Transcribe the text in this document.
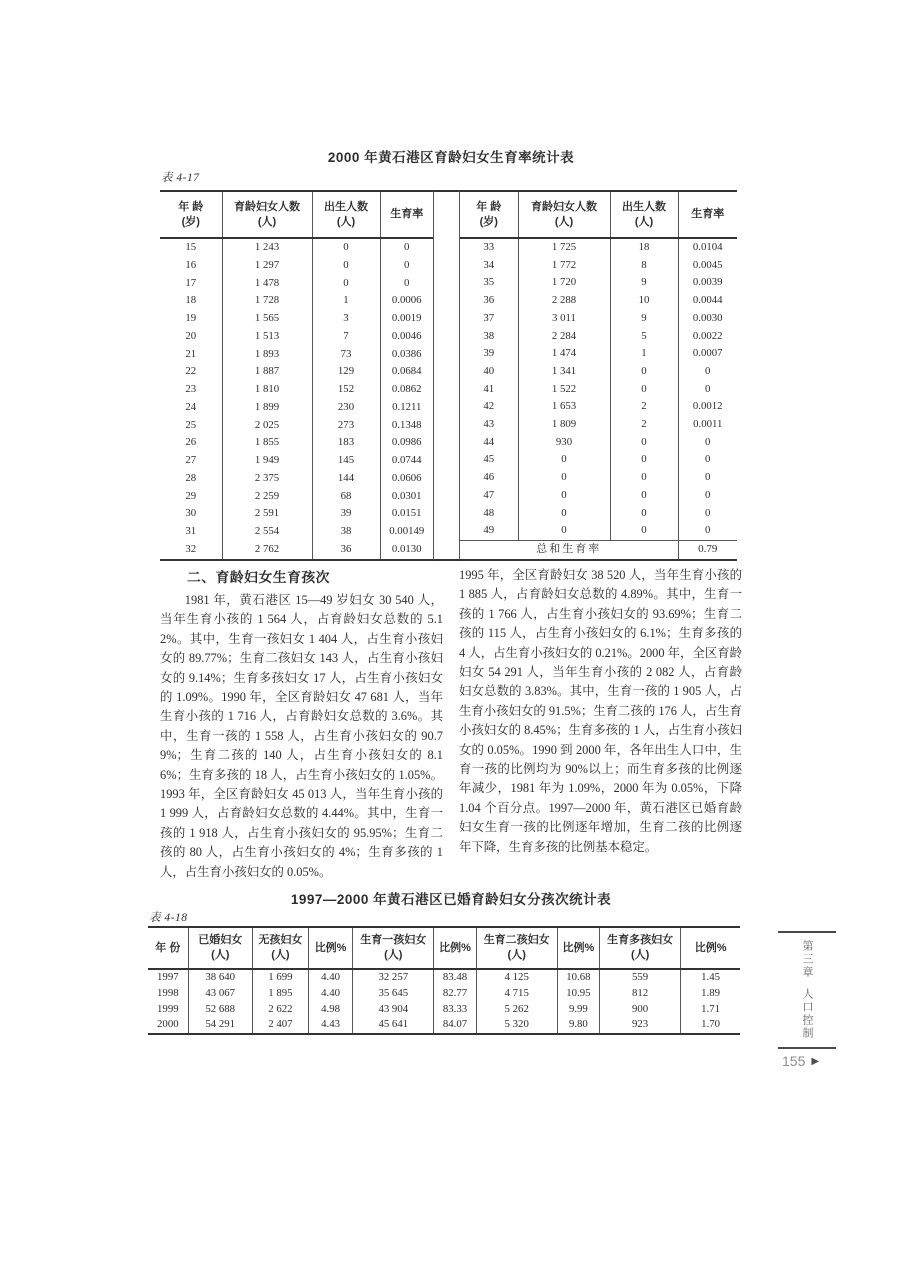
2000 年黄石港区育龄妇女生育率统计表
表 4-17
年 龄
(岁)

育龄妇女人数
(人)

出生人数
(人)

生育率

15	1 243	0	0
16	1 297	0	0
17	1 478	0	0
18	1 728	1	0.0006
19	1 565	3	0.0019
20	1 513	7	0.0046
21	1 893	73	0.0386
22	1 887	129	0.0684
23	1 810	152	0.0862
24	1 899	230	0.1211
25	2 025	273	0.1348
26	1 855	183	0.0986
27	1 949	145	0.0744
28	2 375	144	0.0606
29	2 259	68	0.0301
30	2 591	39	0.0151
31	2 554	38	0.00149
32	2 762	36	0.0130
年 龄
(岁)

育龄妇女人数
(人)

出生人数
(人)

生育率

33	1 725	18	0.0104
34	1 772	8	0.0045
35	1 720	9	0.0039
36	2 288	10	0.0044
37	3 011	9	0.0030
38	2 284	5	0.0022
39	1 474	1	0.0007
40	1 341	0	0
41	1 522	0	0
42	1 653	2	0.0012
43	1 809	2	0.0011
44	930	0	0
45	0	0	0
46	0	0	0
47	0	0	0
48	0	0	0
49	0	0	0
总和生育率			0.79
二、育龄妇女生育孩次

1981 年，黄石港区 15—49 岁妇女 30 540 人，当年生育小孩的 1 564 人，占育龄妇女总数的 5.12%。其中，生育一孩妇女 1 404 人，占生育小孩妇女的 89.77%；生育二孩妇女 143 人，占生育小孩妇女的 9.14%；生育多孩妇女 17 人，占生育小孩妇女的 1.09%。1990 年，全区育龄妇女 47 681 人，当年生育小孩的 1 716 人，占育龄妇女总数的 3.6%。其中，生育一孩的 1 558 人，占生育小孩妇女的 90.79%；生育二孩的 140 人，占生育小孩妇女的 8.16%；生育多孩的 18 人，占生育小孩妇女的 1.05%。1993 年，全区育龄妇女 45 013 人，当年生育小孩的 1 999 人，占育龄妇女总数的 4.44%。其中，生育一孩的 1 918 人，占生育小孩妇女的 95.95%；生育二孩的 80 人，占生育小孩妇女的 4%；生育多孩的 1 人，占生育小孩妇女的 0.05%。

1995 年，全区育龄妇女 38 520 人，当年生育小孩的 1 885 人，占育龄妇女总数的 4.89%。其中，生育一孩的 1 766 人，占生育小孩妇女的 93.69%；生育二孩的 115 人，占生育小孩妇女的 6.1%；生育多孩的 4 人，占生育小孩妇女的 0.21%。2000 年，全区育龄妇女 54 291 人，当年生育小孩的 2 082 人，占育龄妇女总数的 3.83%。其中，生育一孩的 1 905 人，占生育小孩妇女的 91.5%；生育二孩的 176 人，占生育小孩妇女的 8.45%；生育多孩的 1 人，占生育小孩妇女的 0.05%。1990 到 2000 年，各年出生人口中，生育一孩的比例均为 90%以上；而生育多孩的比例逐年减少，1981 年为 1.09%，2000 年为 0.05%，下降 1.04 个百分点。1997—2000 年，黄石港区已婚育龄妇女生育一孩的比例逐年增加，生育二孩的比例逐年下降，生育多孩的比例基本稳定。

1997—2000 年黄石港区已婚育龄妇女分孩次统计表
表 4-18
年 份

已婚妇女
(人)

无孩妇女
(人)

比例%

生育一孩妇女
(人)

比例%

生育二孩妇女
(人)

比例%

生育多孩妇女
(人)

比例%

1997	38 640	1 699	4.40	32 257	83.48	4 125	10.68	559	1.45
1998	43 067	1 895	4.40	35 645	82.77	4 715	10.95	812	1.89
1999	52 688	2 622	4.98	43 904	83.33	5 262	9.99	900	1.71
2000	54 291	2 407	4.43	45 641	84.07	5 320	9.80	923	1.70
第三章
人口控制
155 ▶
